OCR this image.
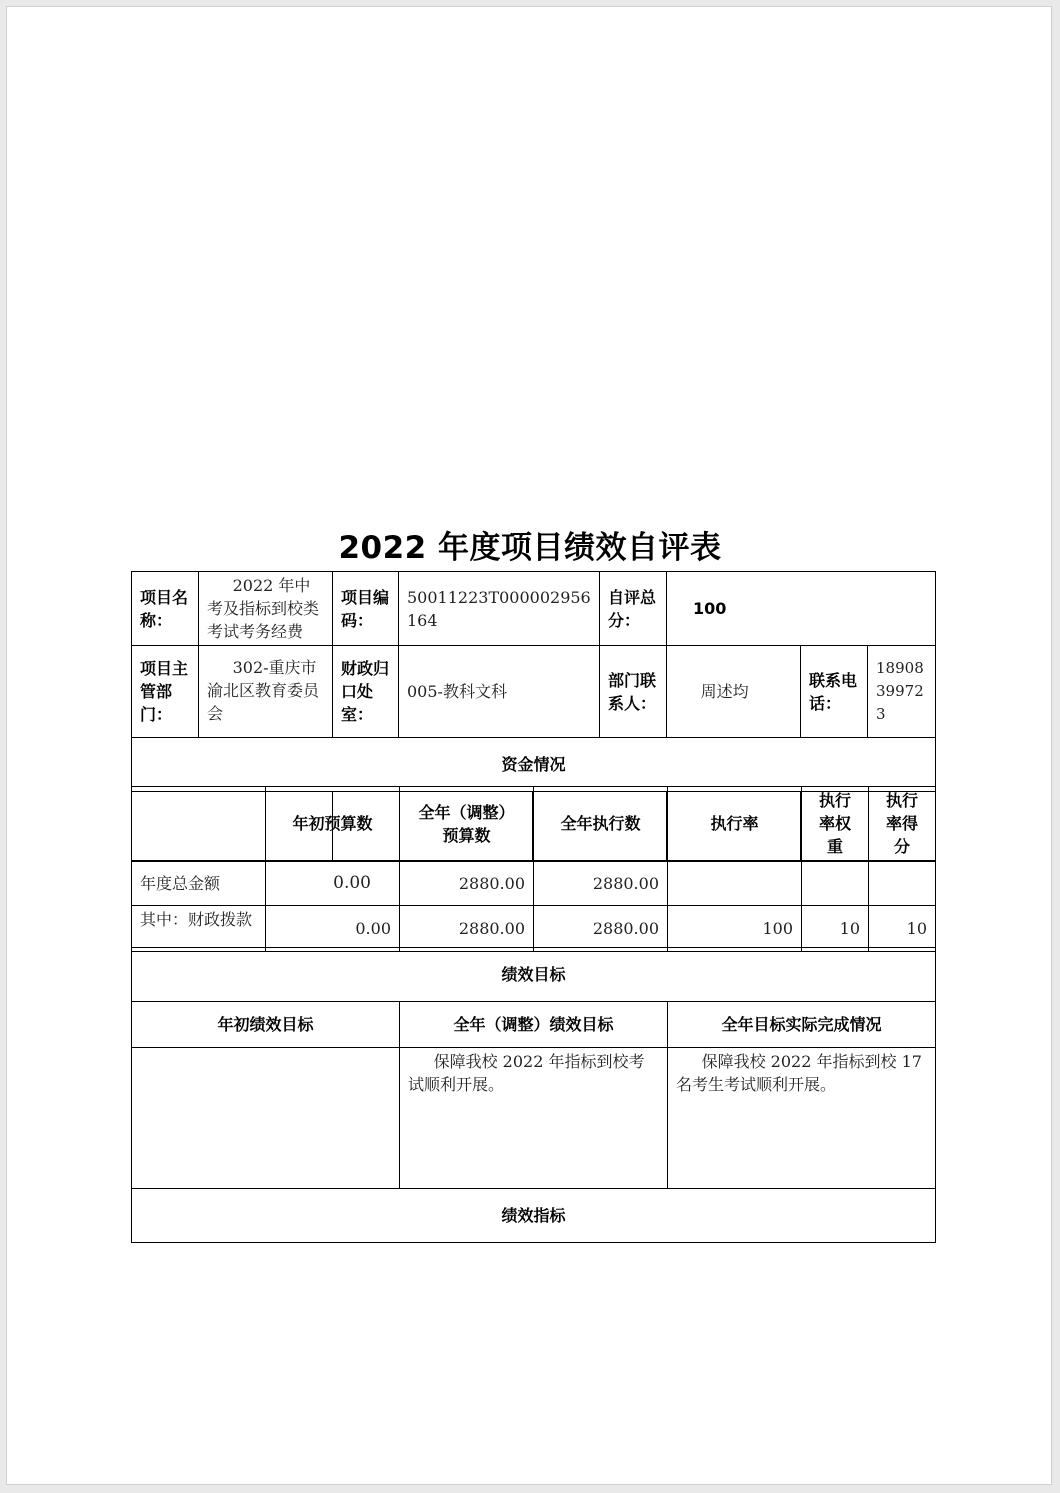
2022 年度项目绩效自评表
项目名称：	2022 年中考及指标到校类考试考务经费	项目编码：	50011223T000002956164	自评总分：	100
项目主管部门：	302-重庆市渝北区教育委员会	财政归口处室：	005-教科文科	部门联系人：	周述均	联系电话：	18908399723
资金情况

	年初预算数	全年（调整）预算数	全年执行数	执行率	执行率权重	执行率得分
年度总金额	0.00	2880.00	2880.00			
其中：财政拨款	0.00	2880.00	2880.00	100	10	10
绩效目标		
年初绩效目标	全年（调整）绩效目标	全年目标实际完成情况
	保障我校 2022 年指标到校考试顺利开展。	保障我校 2022 年指标到校 17 名考生考试顺利开展。
绩效指标		
